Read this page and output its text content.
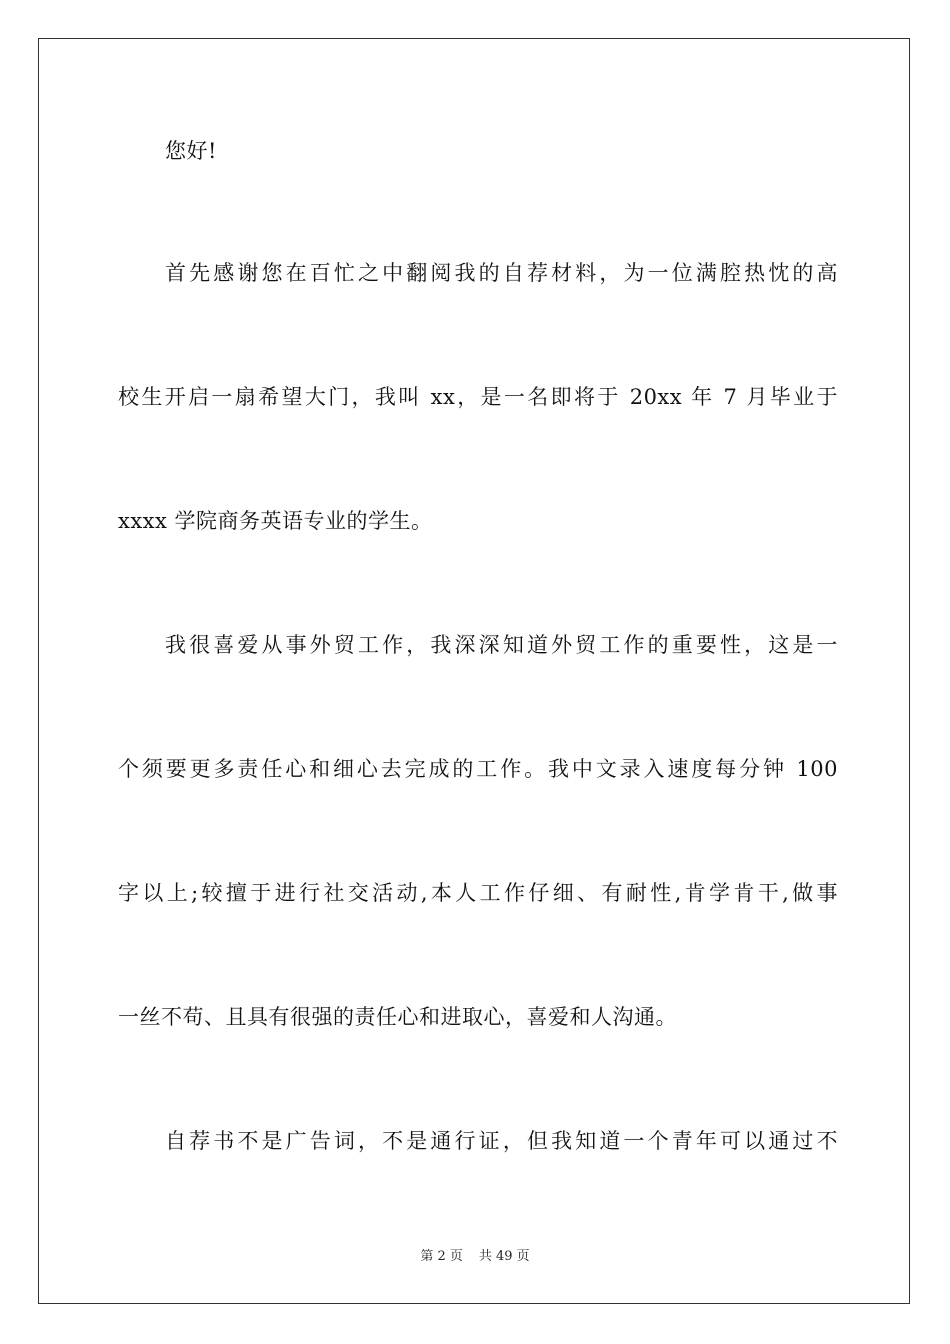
您好!
首先感谢您在百忙之中翻阅我的自荐材料，为一位满腔热忱的高
校生开启一扇希望大门，我叫 xx，是一名即将于 20xx 年 7 月毕业于
xxxx 学院商务英语专业的学生。
我很喜爱从事外贸工作，我深深知道外贸工作的重要性，这是一
个须要更多责任心和细心去完成的工作。我中文录入速度每分钟 100
字以上;较擅于进行社交活动,本人工作仔细、有耐性,肯学肯干,做事
一丝不苟、且具有很强的责任心和进取心，喜爱和人沟通。
自荐书不是广告词，不是通行证，但我知道一个青年可以通过不
第 2 页 共 49 页
